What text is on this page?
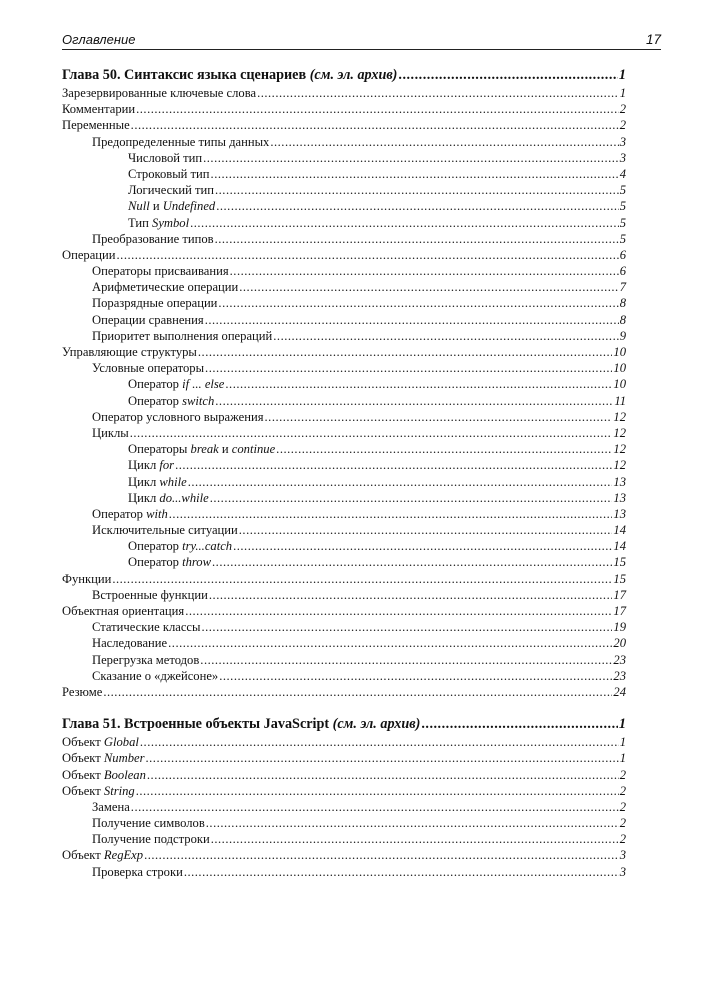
Оглавление	17
Глава 50. Синтаксис языка сценариев (см. эл. архив) .....	1
Зарезервированные ключевые слова .....	1
Комментарии .....	2
Переменные .....	2
Предопределенные типы данных .....	3
Числовой тип .....	3
Строковый тип .....	4
Логический тип .....	5
Null и Undefined .....	5
Тип Symbol .....	5
Преобразование типов .....	5
Операции .....	6
Операторы присваивания .....	6
Арифметические операции .....	7
Поразрядные операции .....	8
Операции сравнения .....	8
Приоритет выполнения операций .....	9
Управляющие структуры .....	10
Условные операторы .....	10
Оператор if ... else .....	10
Оператор switch .....	11
Оператор условного выражения .....	12
Циклы .....	12
Операторы break и continue .....	12
Цикл for .....	12
Цикл while .....	13
Цикл do...while .....	13
Оператор with .....	13
Исключительные ситуации .....	14
Оператор try...catch .....	14
Оператор throw .....	15
Функции .....	15
Встроенные функции .....	17
Объектная ориентация .....	17
Статические классы .....	19
Наследование .....	20
Перегрузка методов .....	23
Сказание о «джейсоне» .....	23
Резюме .....	24
Глава 51. Встроенные объекты JavaScript (см. эл. архив) .....	1
Объект Global .....	1
Объект Number .....	1
Объект Boolean .....	2
Объект String .....	2
Замена .....	2
Получение символов .....	2
Получение подстроки .....	2
Объект RegExp .....	3
Проверка строки .....	3
